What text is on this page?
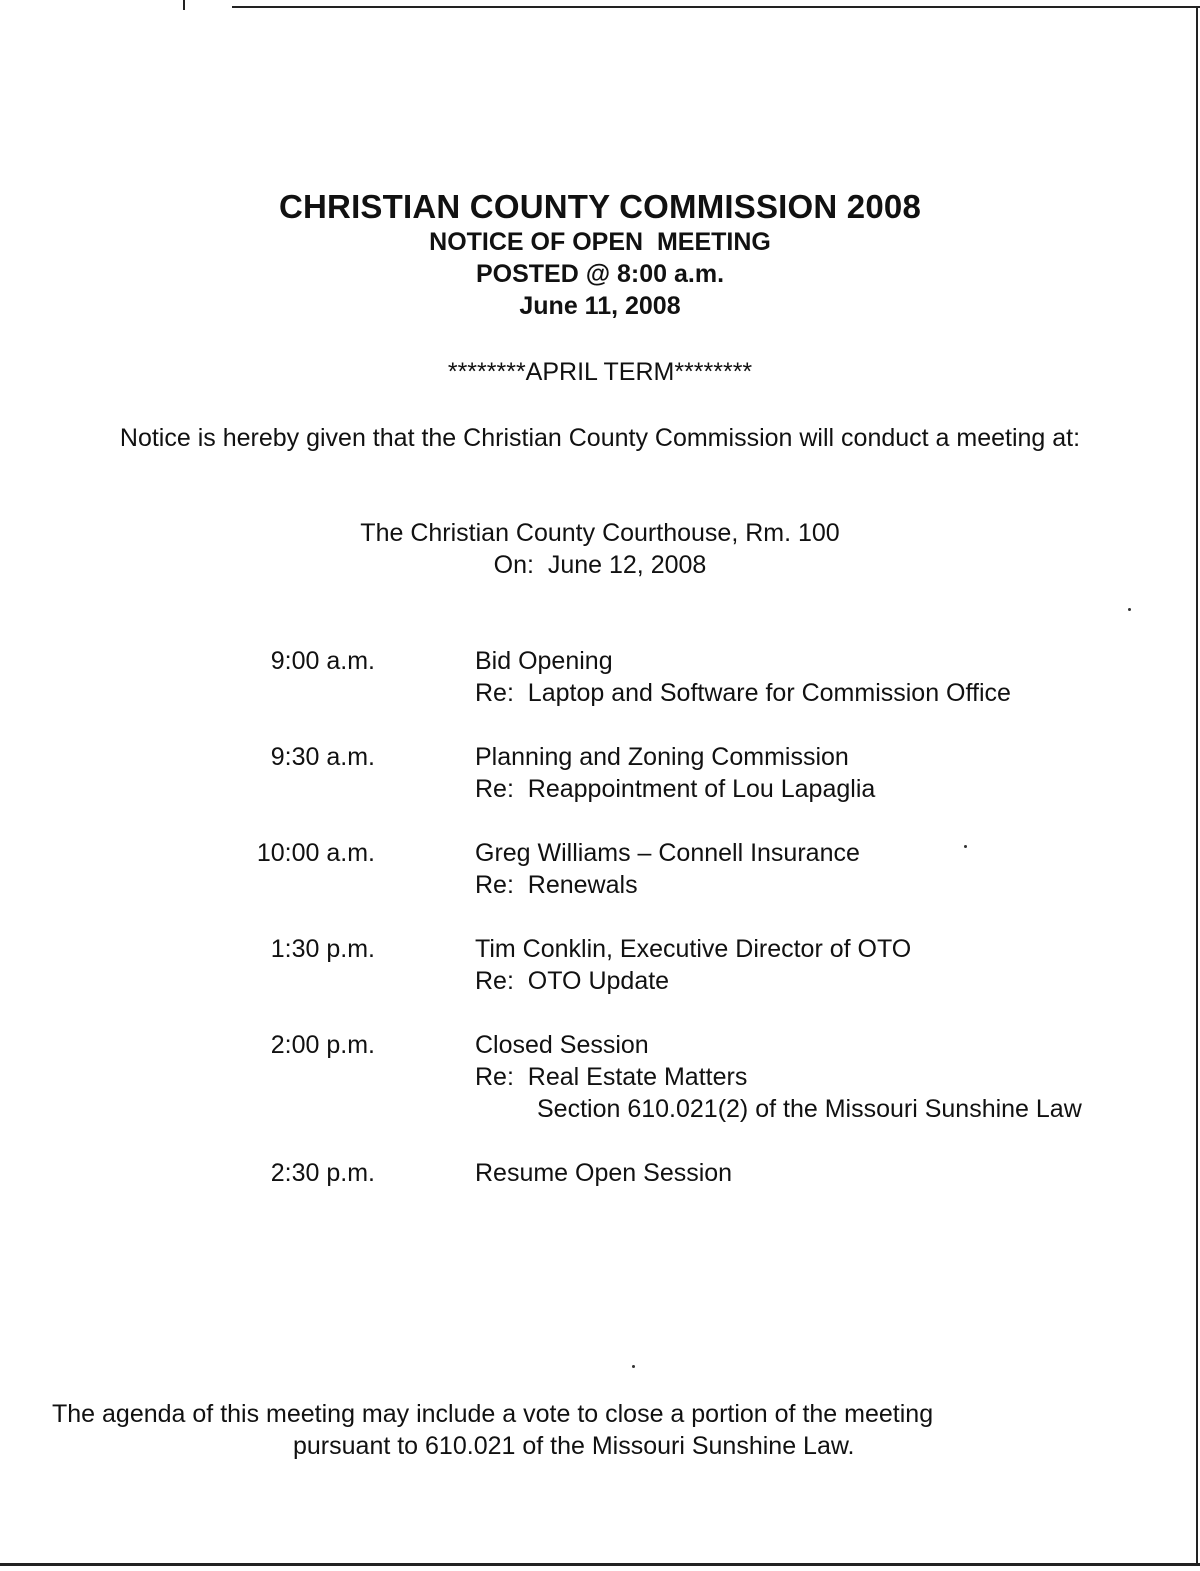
CHRISTIAN COUNTY COMMISSION 2008
NOTICE OF OPEN  MEETING
POSTED @ 8:00 a.m.
June 11, 2008
********APRIL TERM********
Notice is hereby given that the Christian County Commission will conduct a meeting at:
The Christian County Courthouse, Rm. 100
On:  June 12, 2008
9:00 a.m.	Bid Opening
Re:  Laptop and Software for Commission Office
9:30 a.m.	Planning and Zoning Commission
Re:  Reappointment of Lou Lapaglia
10:00 a.m.	Greg Williams – Connell Insurance
Re:  Renewals
1:30 p.m.	Tim Conklin, Executive Director of OTO
Re:  OTO Update
2:00 p.m.	Closed Session
Re:  Real Estate Matters
Section 610.021(2) of the Missouri Sunshine Law
2:30 p.m.	Resume Open Session
The agenda of this meeting may include a vote to close a portion of the meeting
pursuant to 610.021 of the Missouri Sunshine Law.
